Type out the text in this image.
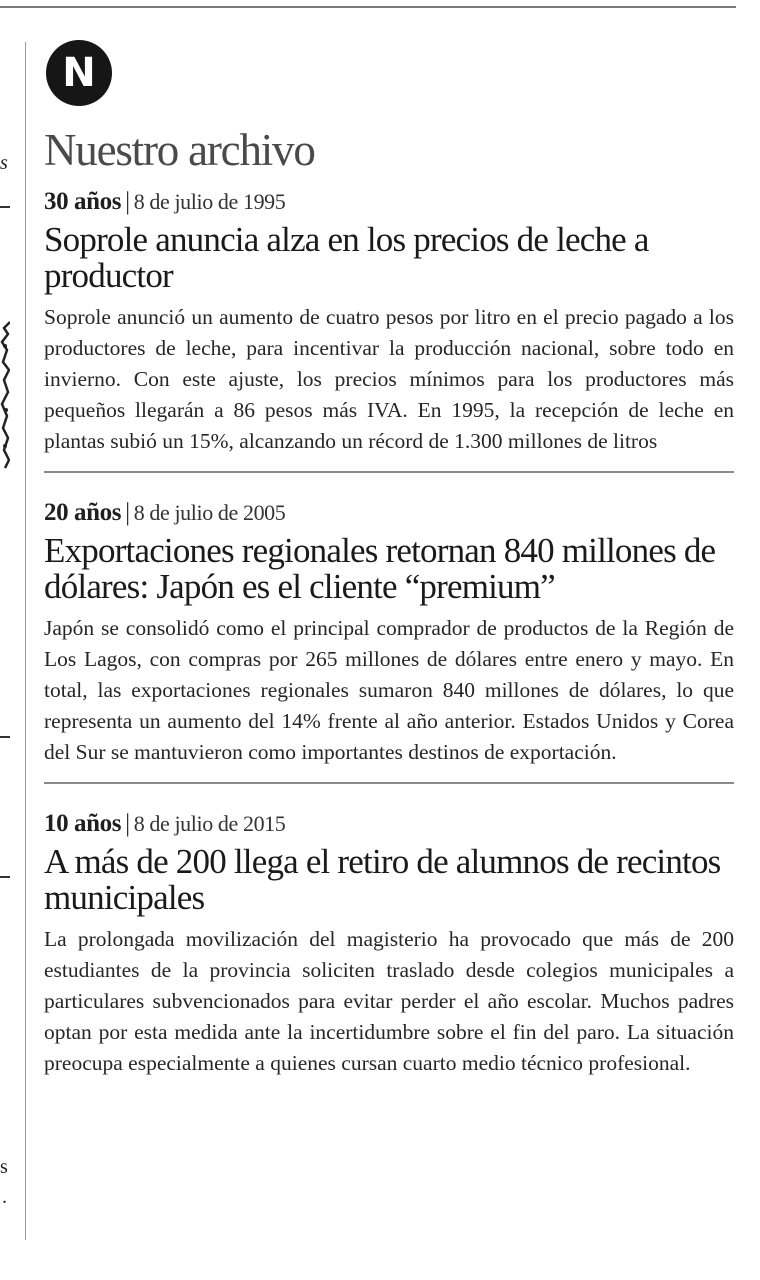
s
s
.
N
Nuestro archivo
30 años | 8 de julio de 1995
Soprole anuncia alza en los precios de leche a productor
Soprole anunció un aumento de cuatro pesos por litro en el precio pagado a los productores de leche, para incentivar la producción nacional, sobre todo en invierno. Con este ajuste, los precios mínimos para los productores más pequeños llegarán a 86 pesos más IVA. En 1995, la recepción de leche en plantas subió un 15%, alcanzando un récord de 1.300 millones de litros
20 años | 8 de julio de 2005
Exportaciones regionales retornan 840 millones de dólares: Japón es el cliente “premium”
Japón se consolidó como el principal comprador de productos de la Región de Los Lagos, con compras por 265 millones de dólares entre enero y mayo. En total, las exportaciones regionales sumaron 840 millones de dólares, lo que representa un aumento del 14% frente al año anterior. Estados Unidos y Corea del Sur se mantuvieron como importantes destinos de exportación.
10 años | 8 de julio de 2015
A más de 200 llega el retiro de alumnos de recintos municipales
La prolongada movilización del magisterio ha provocado que más de 200 estudiantes de la provincia soliciten traslado desde colegios municipales a particulares subvencionados para evitar perder el año escolar. Muchos padres optan por esta medida ante la incertidumbre sobre el fin del paro. La situación preocupa especialmente a quienes cursan cuarto medio técnico profesional.
